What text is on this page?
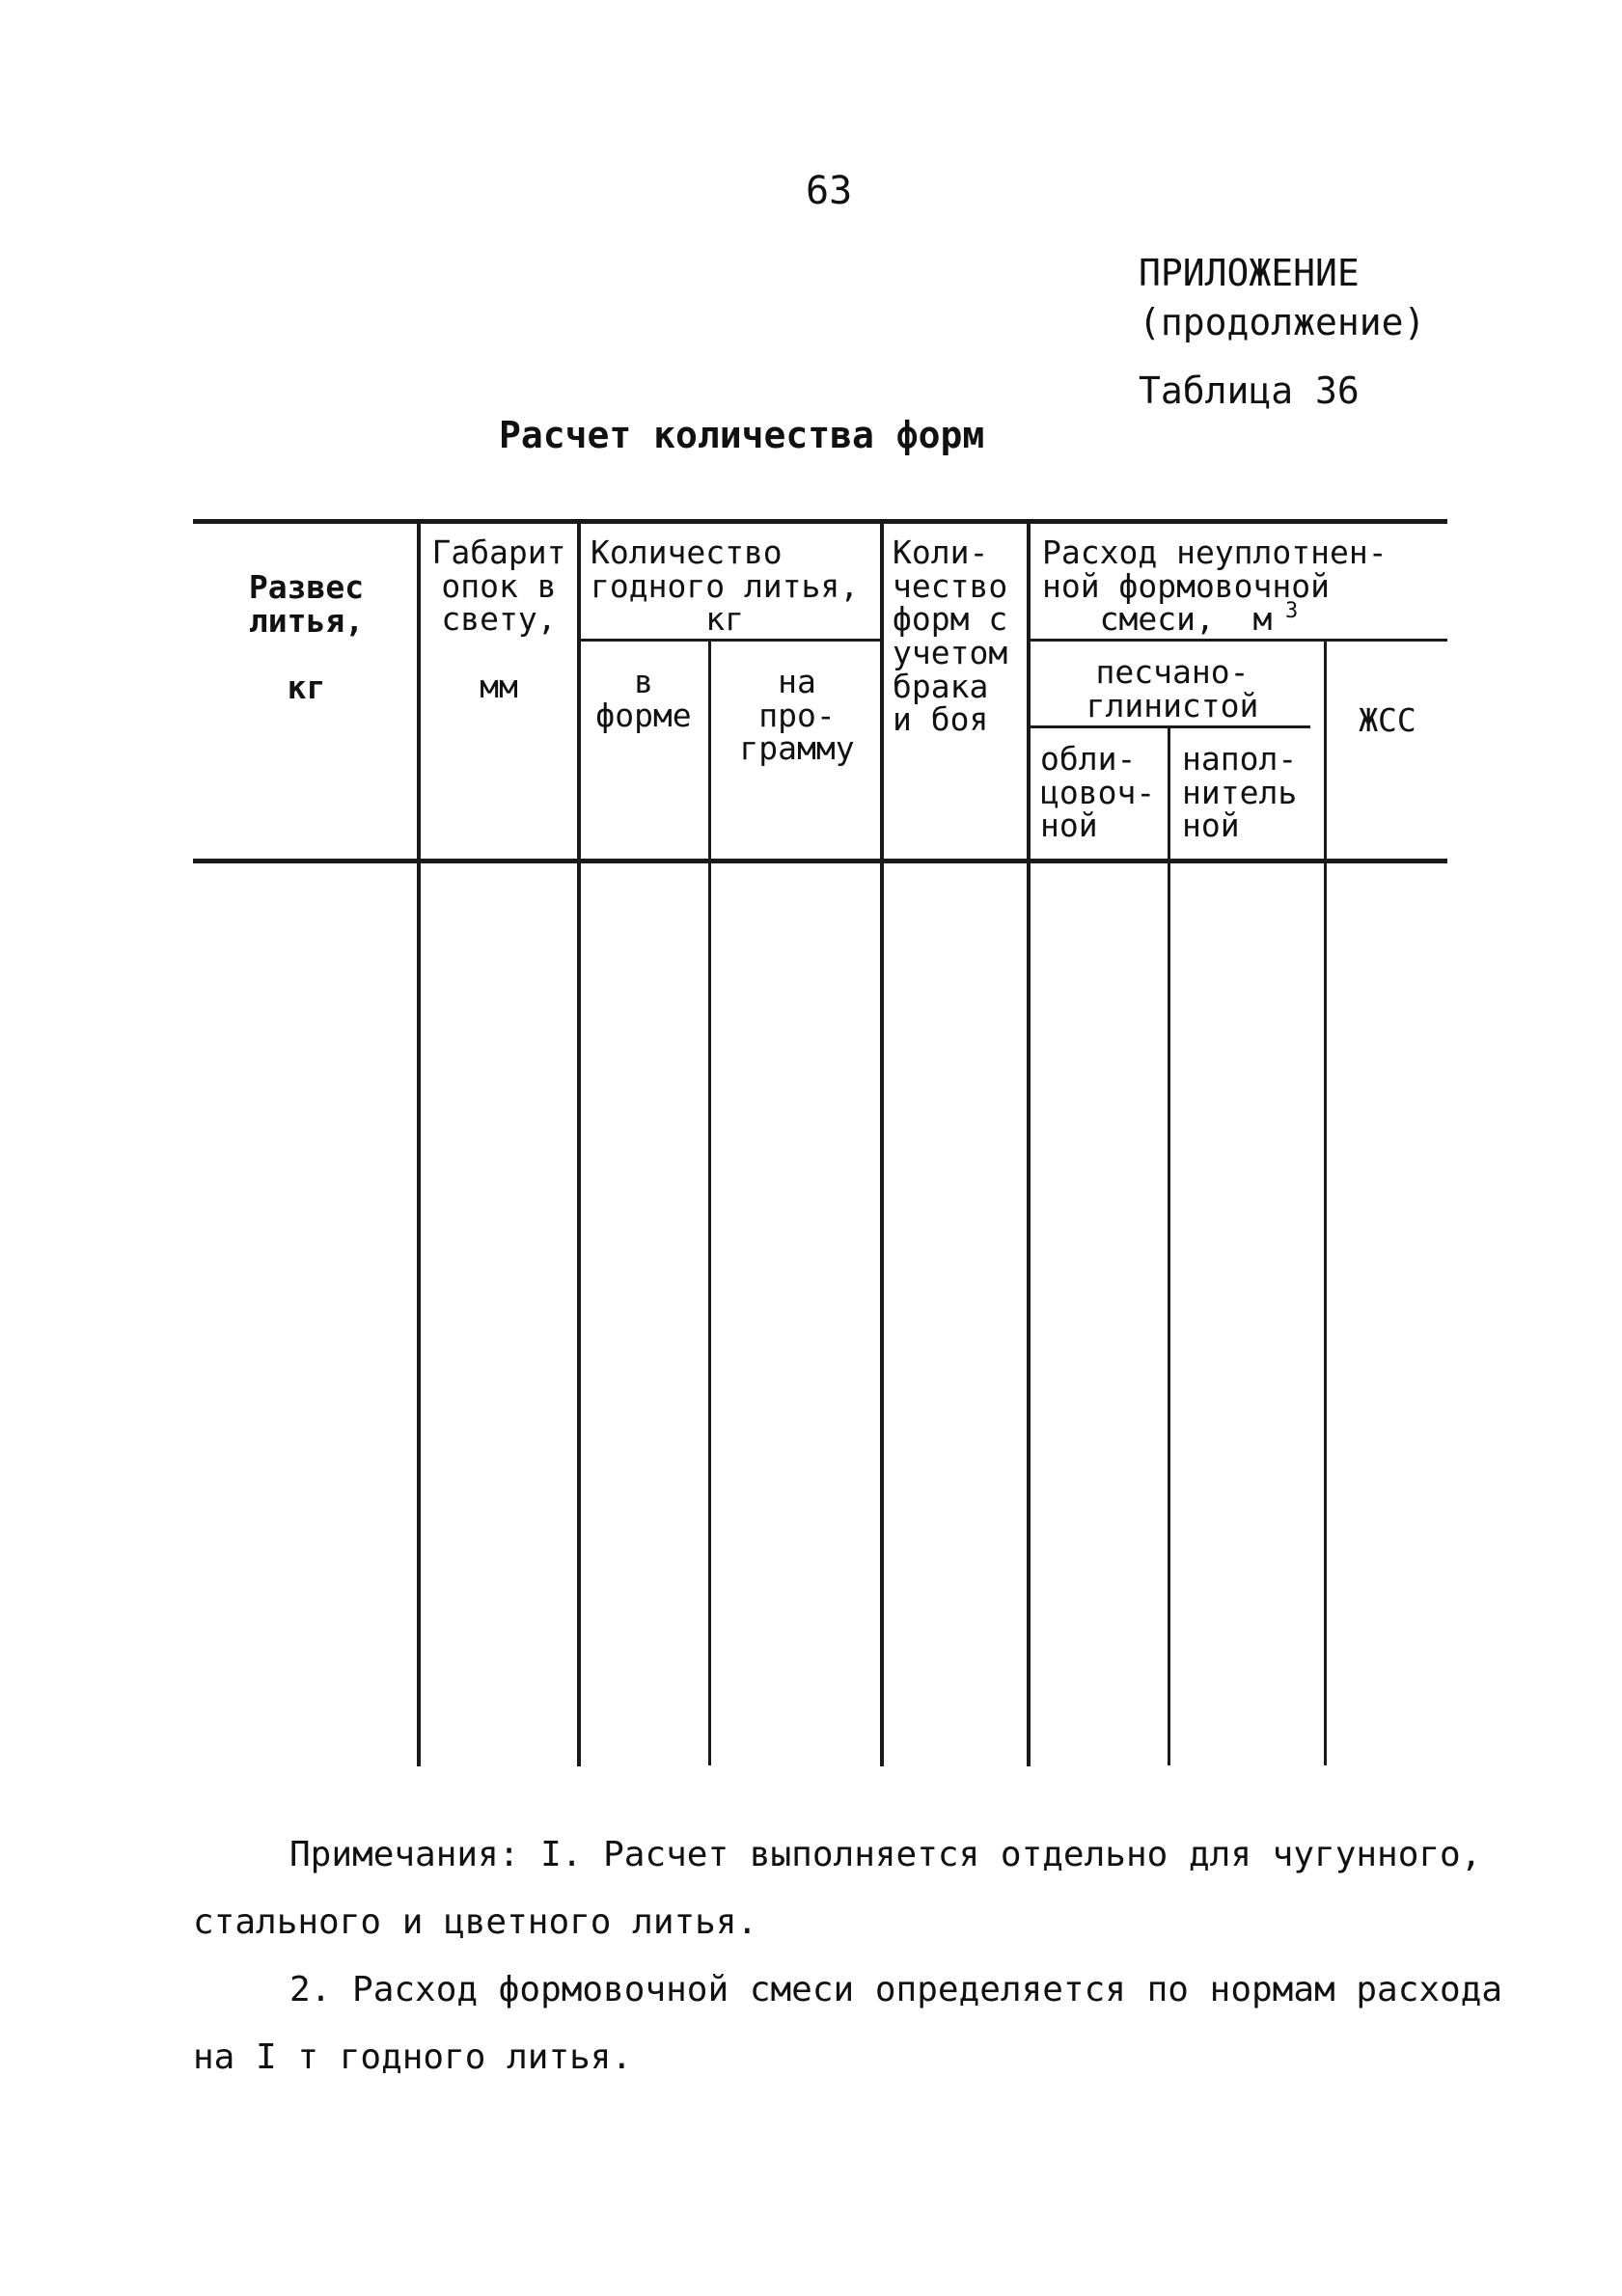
63
ПРИЛОЖЕНИЕ
(продолжение)
Таблица 36
Расчет количества форм
Развес
литья,

кг
Габарит
опок в
свету,

мм
Количество
годного литья,
кг
в
форме
на
про-
грамму
Коли-
чество
форм с
учетом
брака
и боя
Расход неуплотнен-
ной формовочной
смеси,  м 3
песчано-
глинистой
обли-
цовоч-
ной
напол-
нитель
ной
ЖСС
Примечания: I. Расчет выполняется отдельно для чугунного,
стального и цветного литья.
2. Расход формовочной смеси определяется по нормам расхода
на I т годного литья.
